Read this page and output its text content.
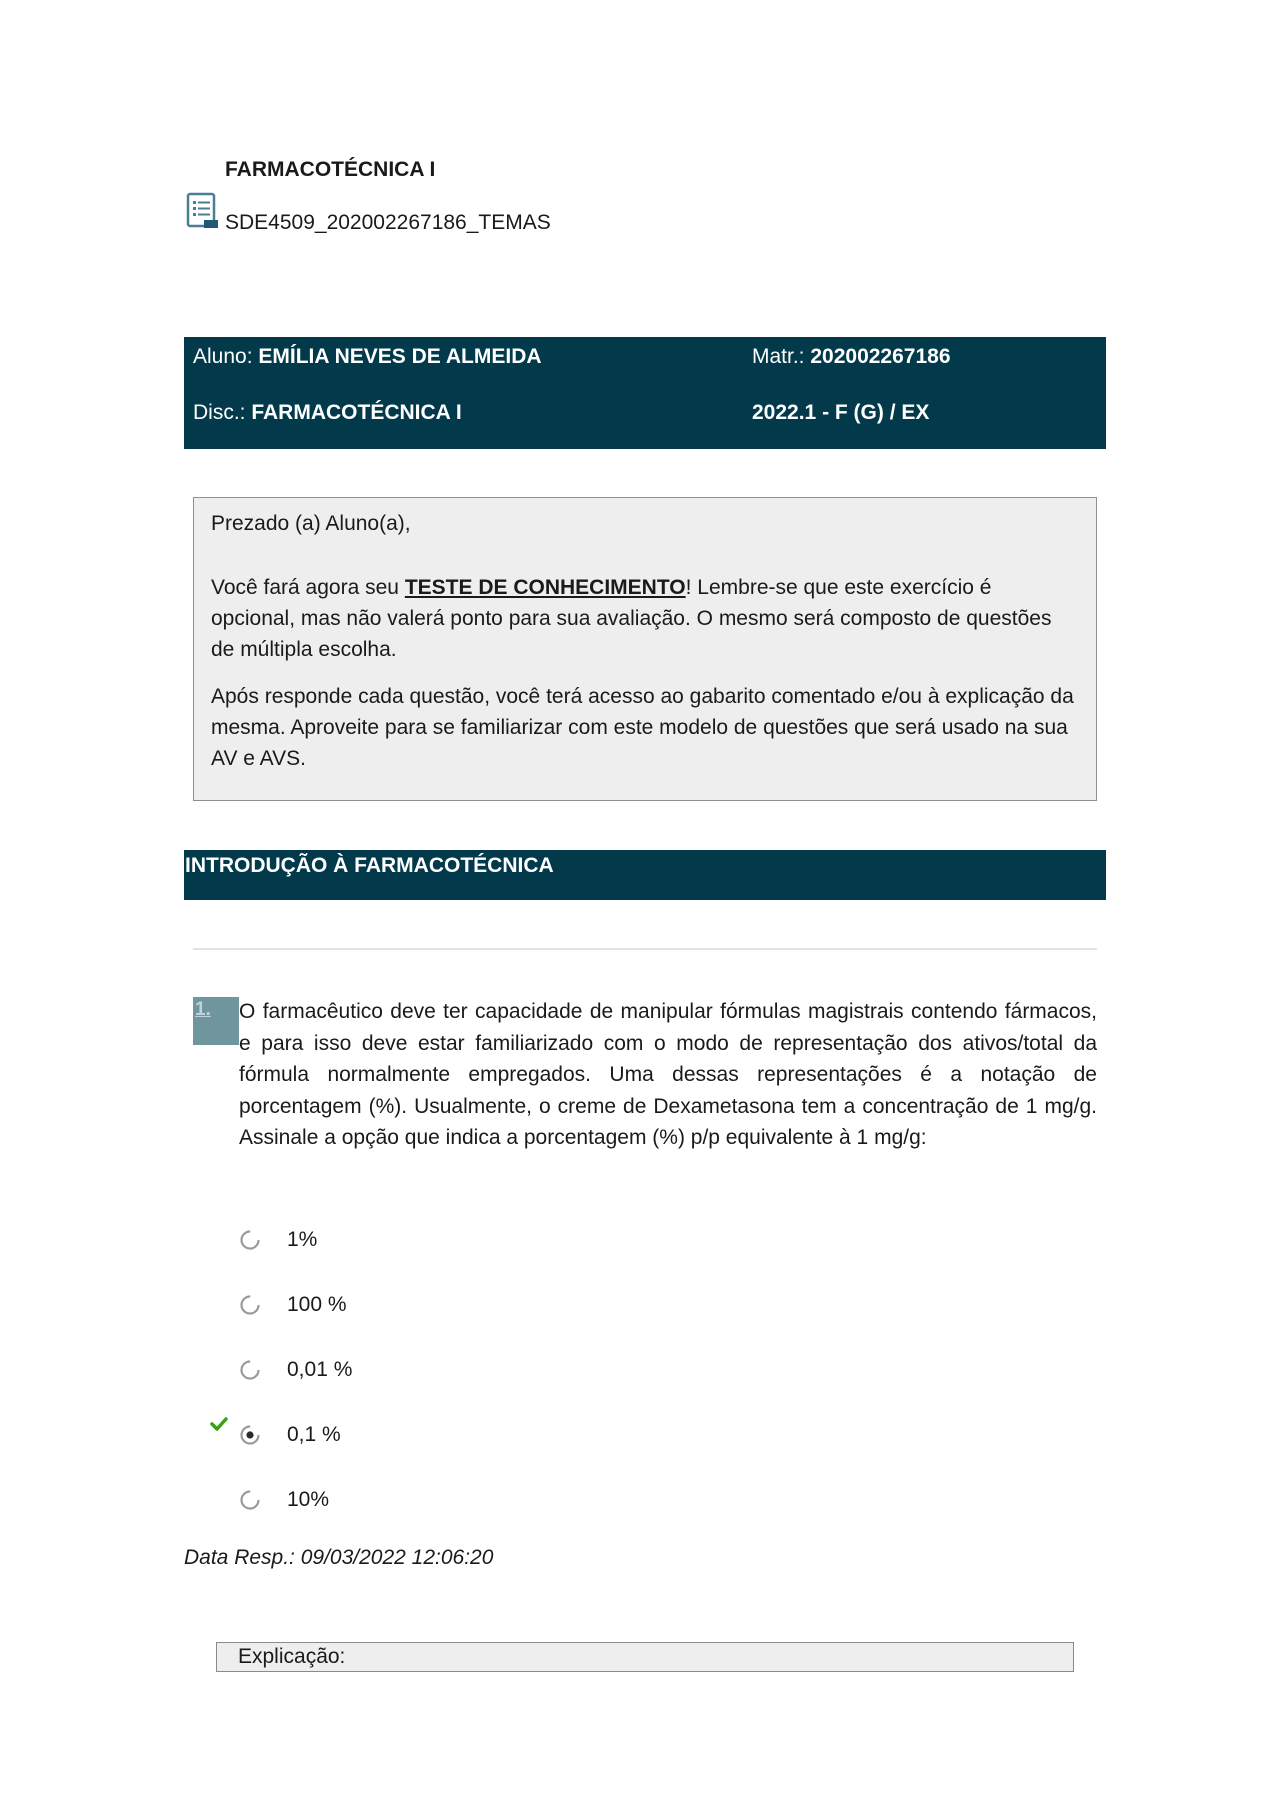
FARMACOTÉCNICA I
SDE4509_202002267186_TEMAS
Aluno: EMÍLIA NEVES DE ALMEIDA	Matr.: 202002267186
Disc.: FARMACOTÉCNICA I	2022.1 - F (G) / EX

Prezado (a) Aluno(a),

Você fará agora seu TESTE DE CONHECIMENTO! Lembre-se que este exercício é opcional, mas não valerá ponto para sua avaliação. O mesmo será composto de questões de múltipla escolha.

Após responde cada questão, você terá acesso ao gabarito comentado e/ou à explicação da mesma. Aproveite para se familiarizar com este modelo de questões que será usado na sua AV e AVS.

INTRODUÇÃO À FARMACOTÉCNICA
1.	O farmacêutico deve ter capacidade de manipular fórmulas magistrais contendo fármacos, e para isso deve estar familiarizado com o modo de representação dos ativos/total da fórmula normalmente empregados. Uma dessas representações é a notação de porcentagem (%). Usualmente, o creme de Dexametasona tem a concentração de 1 mg/g. Assinale a opção que indica a porcentagem (%) p/p equivalente à 1 mg/g:
1%
100 %
0,01 %
0,1 %
10%
Data Resp.: 09/03/2022 12:06:20
Explicação:
